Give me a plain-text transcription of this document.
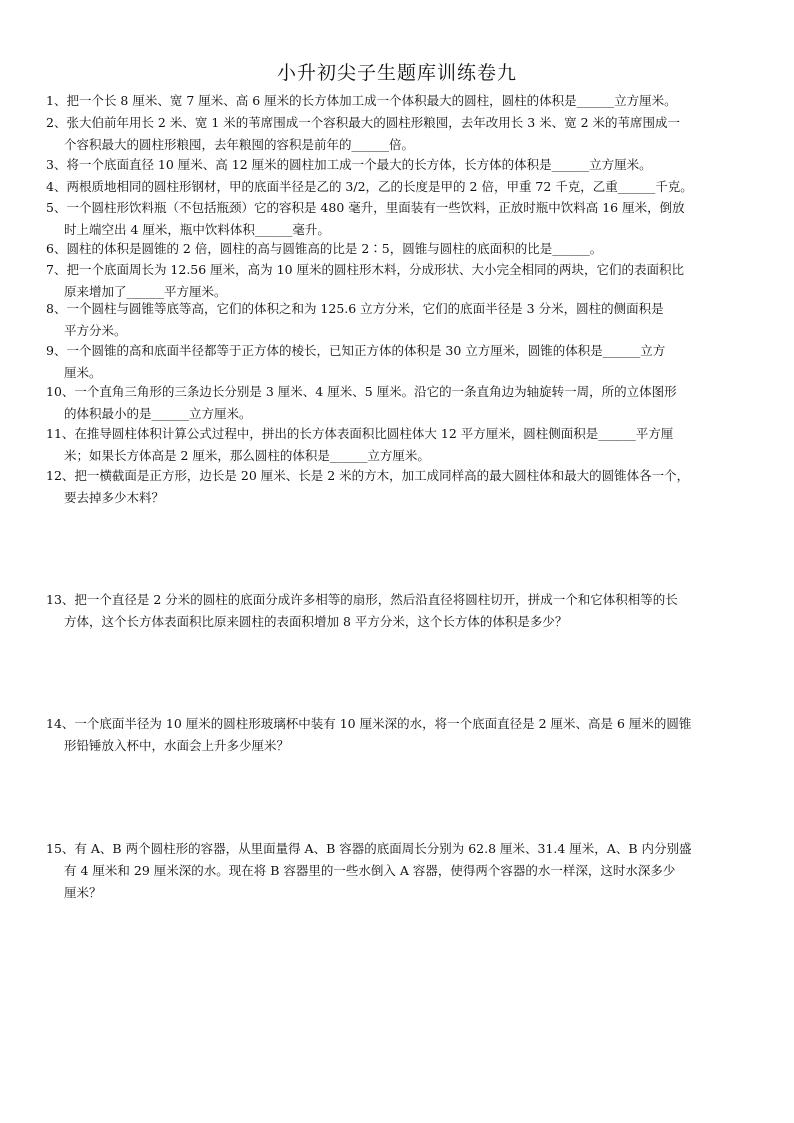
小升初尖子生题库训练卷九
1、把一个长 8 厘米、宽 7 厘米、高 6 厘米的长方体加工成一个体积最大的圆柱，圆柱的体积是______立方厘米。
2、张大伯前年用长 2 米、宽 1 米的苇席围成一个容积最大的圆柱形粮囤，去年改用长 3 米、宽 2 米的苇席围成一
个容积最大的圆柱形粮囤，去年粮囤的容积是前年的______倍。
3、将一个底面直径 10 厘米、高 12 厘米的圆柱加工成一个最大的长方体，长方体的体积是______立方厘米。
4、两根质地相同的圆柱形钢材，甲的底面半径是乙的 3/2，乙的长度是甲的 2 倍，甲重 72 千克，乙重______千克。
5、一个圆柱形饮料瓶（不包括瓶颈）它的容积是 480 毫升，里面装有一些饮料，正放时瓶中饮料高 16 厘米，倒放
时上端空出 4 厘米，瓶中饮料体积______毫升。
6、圆柱的体积是圆锥的 2 倍，圆柱的高与圆锥高的比是 2∶5，圆锥与圆柱的底面积的比是______。
7、把一个底面周长为 12.56 厘米，高为 10 厘米的圆柱形木料，分成形状、大小完全相同的两块，它们的表面积比
原来增加了______平方厘米。
8、一个圆柱与圆锥等底等高，它们的体积之和为 125.6 立方分米，它们的底面半径是 3 分米，圆柱的侧面积是
平方分米。
9、一个圆锥的高和底面半径都等于正方体的棱长，已知正方体的体积是 30 立方厘米，圆锥的体积是______立方
厘米。
10、一个直角三角形的三条边长分别是 3 厘米、4 厘米、5 厘米。沿它的一条直角边为轴旋转一周，所的立体图形
的体积最小的是______立方厘米。
11、在推导圆柱体积计算公式过程中，拼出的长方体表面积比圆柱体大 12 平方厘米，圆柱侧面积是______平方厘
米；如果长方体高是 2 厘米，那么圆柱的体积是______立方厘米。
12、把一横截面是正方形，边长是 20 厘米、长是 2 米的方木，加工成同样高的最大圆柱体和最大的圆锥体各一个，
要去掉多少木料？
13、把一个直径是 2 分米的圆柱的底面分成许多相等的扇形，然后沿直径将圆柱切开，拼成一个和它体积相等的长
方体，这个长方体表面积比原来圆柱的表面积增加 8 平方分米，这个长方体的体积是多少？
14、一个底面半径为 10 厘米的圆柱形玻璃杯中装有 10 厘米深的水，将一个底面直径是 2 厘米、高是 6 厘米的圆锥
形铅锤放入杯中，水面会上升多少厘米？
15、有 A、B 两个圆柱形的容器，从里面量得 A、B 容器的底面周长分别为 62.8 厘米、31.4 厘米，A、B 内分别盛
有 4 厘米和 29 厘米深的水。现在将 B 容器里的一些水倒入 A 容器，使得两个容器的水一样深，这时水深多少
厘米？
